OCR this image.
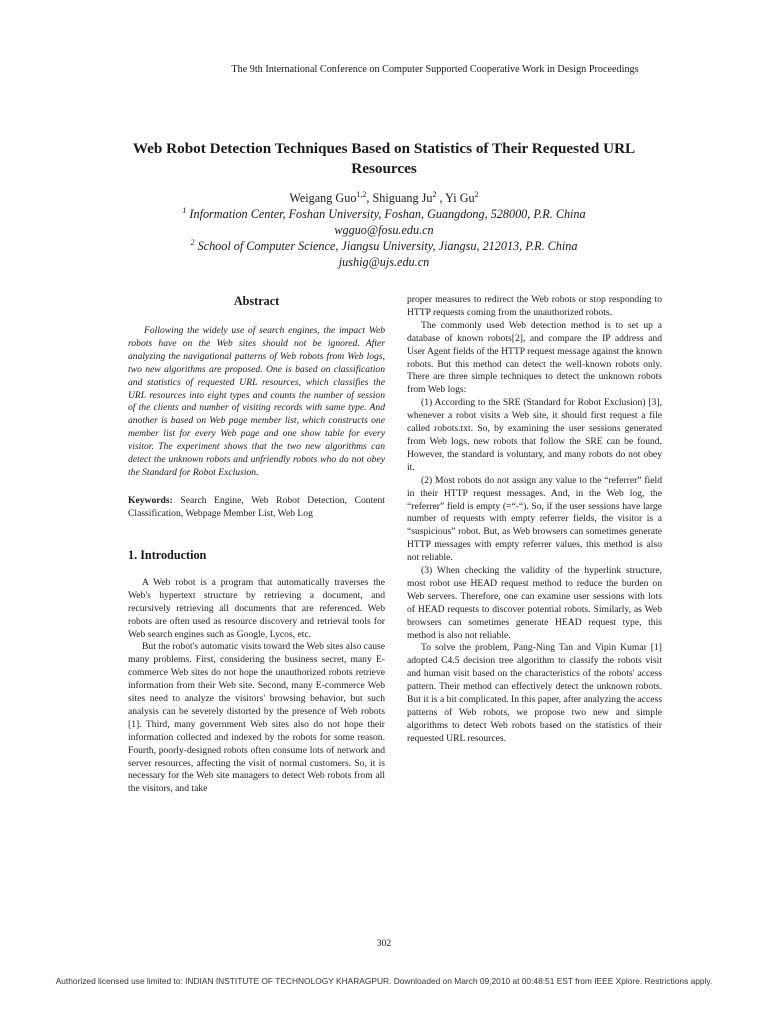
The 9th International Conference on Computer Supported Cooperative Work in Design Proceedings
Web Robot Detection Techniques Based on Statistics of Their Requested URL Resources
Weigang Guo$^{1,2}$, Shiguang Ju$^2$ , Yi Gu$^2$
$^1$ Information Center, Foshan University, Foshan, Guangdong, 528000, P.R. China
wgguo@fosu.edu.cn
$^2$ School of Computer Science, Jiangsu University, Jiangsu, 212013, P.R. China
jushig@ujs.edu.cn
Abstract

Following the widely use of search engines, the impact Web robots have on the Web sites should not be ignored. After analyzing the navigational patterns of Web robots from Web logs, two new algorithms are proposed. One is based on classification and statistics of requested URL resources, which classifies the URL resources into eight types and counts the number of session of the clients and number of visiting records with same type. And another is based on Web page member list, which constructs one member list for every Web page and one show table for every visitor. The experiment shows that the two new algorithms can detect the unknown robots and unfriendly robots who do not obey the Standard for Robot Exclusion.

Keywords: Search Engine, Web Robot Detection, Content Classification, Webpage Member List, Web Log

1. Introduction

A Web robot is a program that automatically traverses the Web's hypertext structure by retrieving a document, and recursively retrieving all documents that are referenced. Web robots are often used as resource discovery and retrieval tools for Web search engines such as Google, Lycos, etc.

But the robot's automatic visits toward the Web sites also cause many problems. First, considering the business secret, many E-commerce Web sites do not hope the unauthorized robots retrieve information from their Web site. Second, many E-commerce Web sites need to analyze the visitors' browsing behavior, but such analysis can be severely distorted by the presence of Web robots [1]. Third, many government Web sites also do not hope their information collected and indexed by the robots for some reason. Fourth, poorly-designed robots often consume lots of network and server resources, affecting the visit of normal customers. So, it is necessary for the Web site managers to detect Web robots from all the visitors, and take

proper measures to redirect the Web robots or stop responding to HTTP requests coming from the unauthorized robots.

The commonly used Web detection method is to set up a database of known robots[2], and compare the IP address and User Agent fields of the HTTP request message against the known robots. But this method can detect the well-known robots only. There are three simple techniques to detect the unknown robots from Web logs:

(1) According to the SRE (Standard for Robot Exclusion) [3], whenever a robot visits a Web site, it should first request a file called robots.txt. So, by examining the user sessions generated from Web logs, new robots that follow the SRE can be found. However, the standard is voluntary, and many robots do not obey it.

(2) Most robots do not assign any value to the “referrer” field in their HTTP request messages. And, in the Web log, the “referrer” field is empty (=“-“). So, if the user sessions have large number of requests with empty referrer fields, the visitor is a “suspicious” robot. But, as Web browsers can sometimes generate HTTP messages with empty referrer values, this method is also not reliable.

(3) When checking the validity of the hyperlink structure, most robot use HEAD request method to reduce the burden on Web servers. Therefore, one can examine user sessions with lots of HEAD requests to discover potential robots. Similarly, as Web browsers can sometimes generate HEAD request type, this method is also not reliable.

To solve the problem, Pang-Ning Tan and Vipin Kumar [1] adopted C4.5 decision tree algorithm to classify the robots visit and human visit based on the characteristics of the robots' access pattern. Their method can effectively detect the unknown robots. But it is a bit complicated. In this paper, after analyzing the access patterns of Web robots, we propose two new and simple algorithms to detect Web robots based on the statistics of their requested URL resources.

302
Authorized licensed use limited to: INDIAN INSTITUTE OF TECHNOLOGY KHARAGPUR. Downloaded on March 09,2010 at 00:48:51 EST from IEEE Xplore. Restrictions apply.
